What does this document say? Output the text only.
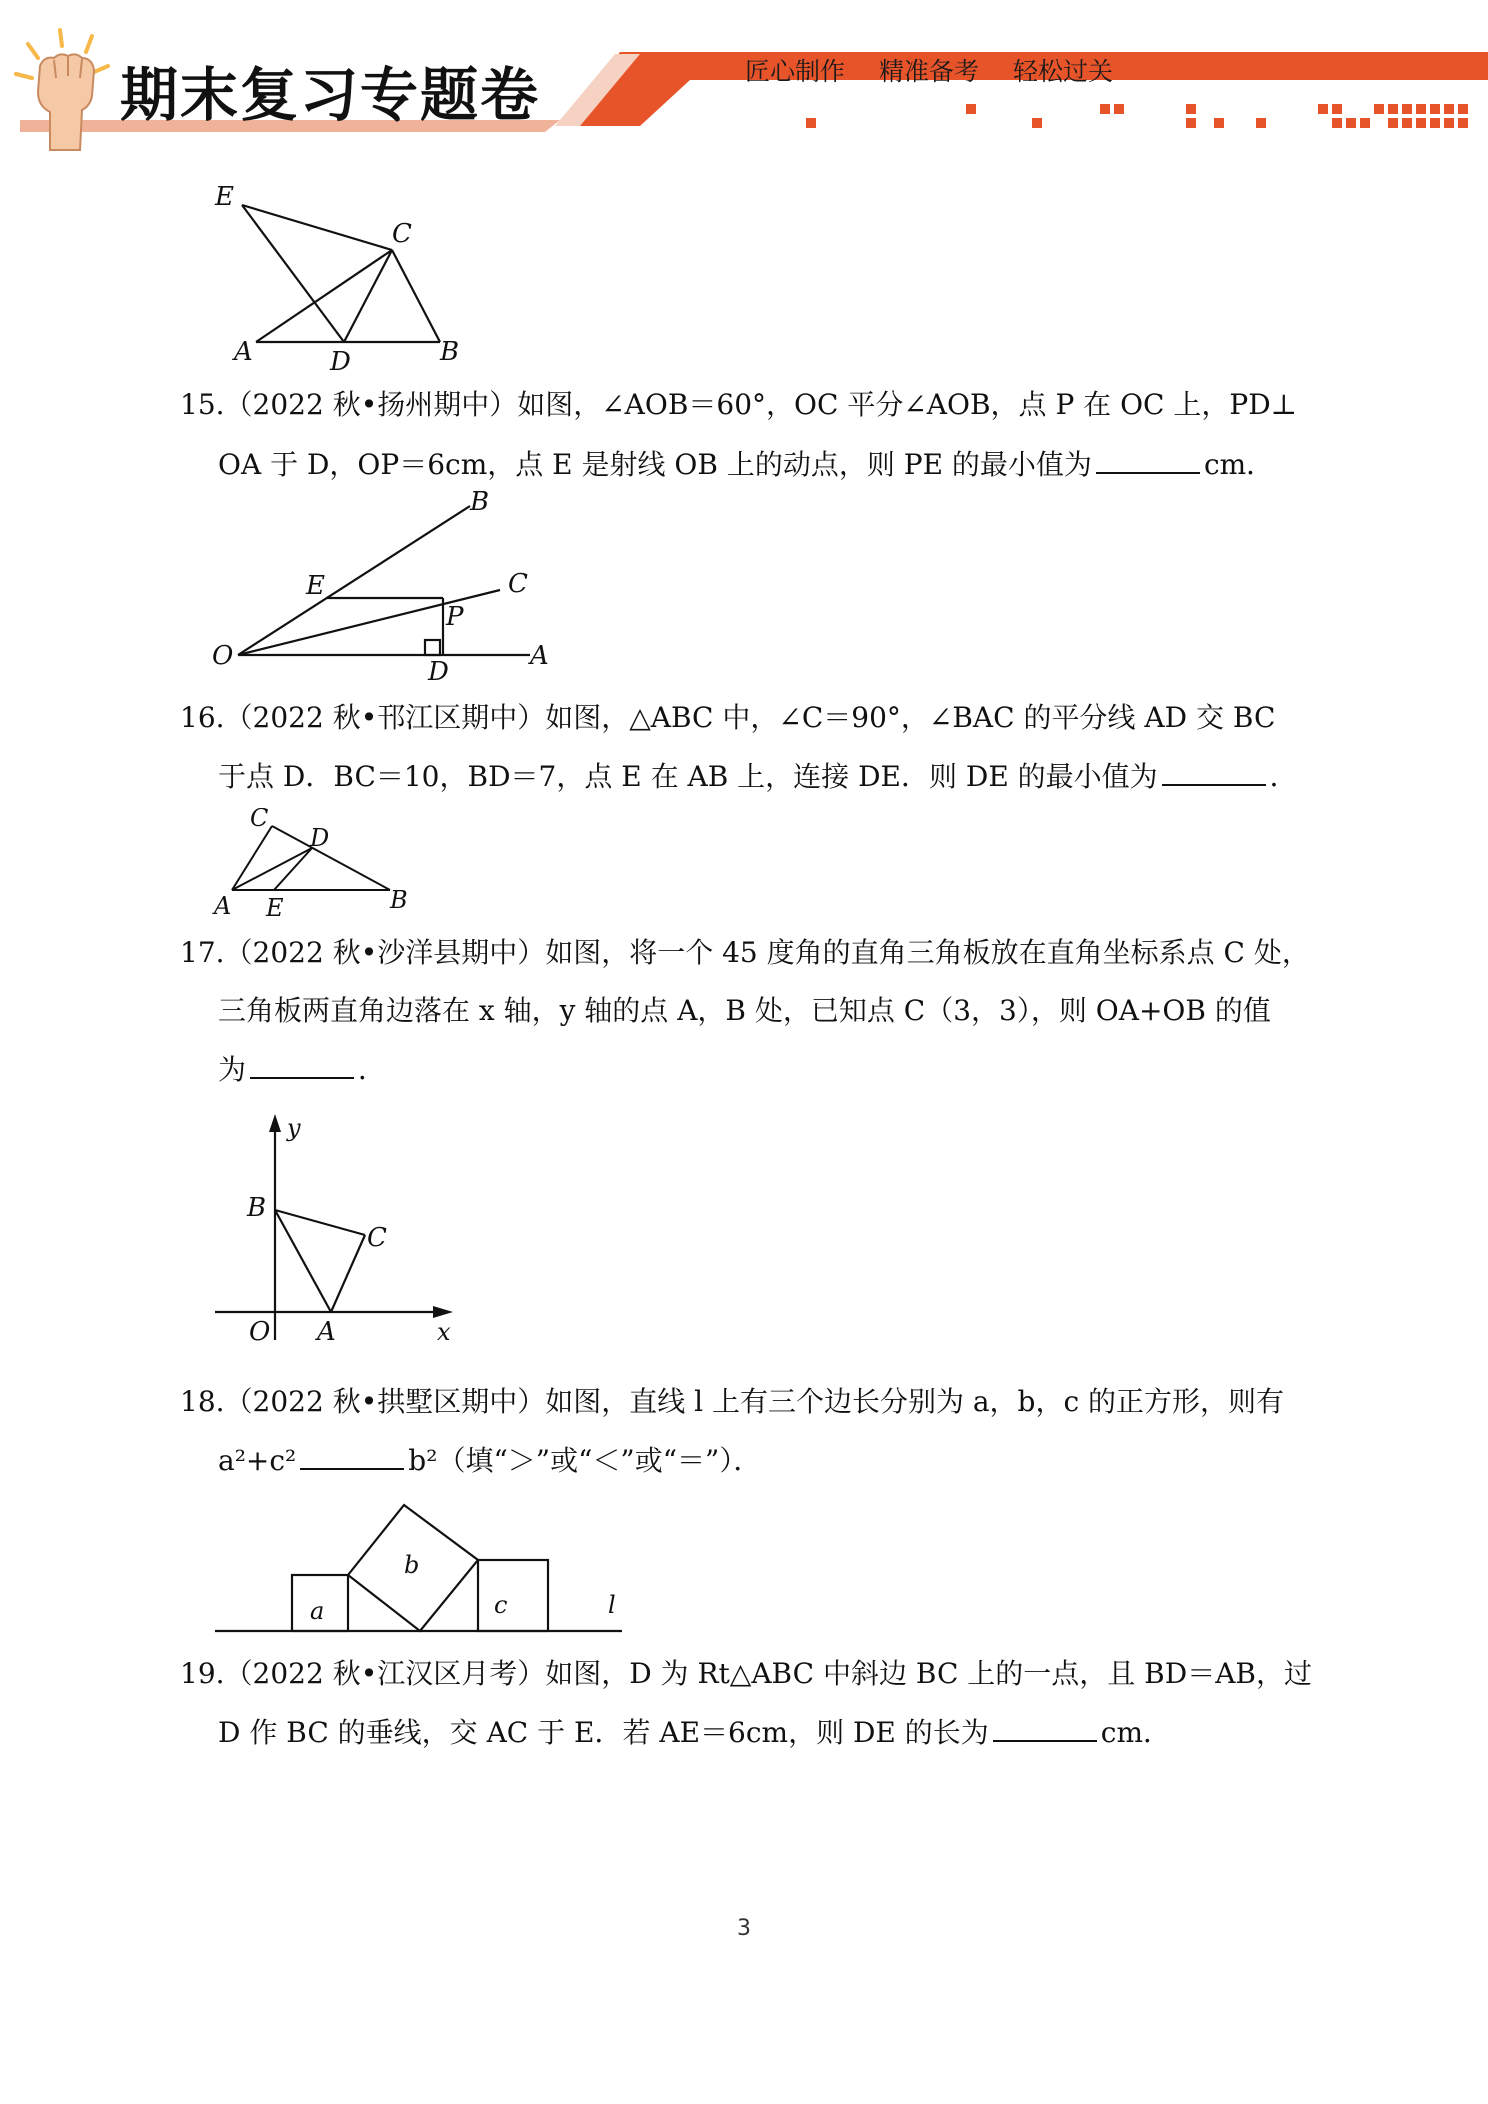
期末复习专题卷	匠心制作 精准备考 轻松过关
E
C
A	D	B
15.（2022 秋•扬州期中）如图，∠AOB＝60°，OC 平分∠AOB，点 P 在 OC 上，PD⊥
OA 于 D，OP＝6cm，点 E 是射线 OB 上的动点，则 PE 的最小值为	cm．
B
E	C
P
O
D
A
16.（2022 秋•邗江区期中）如图，△ABC 中，∠C＝90°，∠BAC 的平分线 AD 交 BC
于点 D．BC＝10，BD＝7，点 E 在 AB 上，连接 DE．则 DE 的最小值为	．
C
D
A E	B
17.（2022 秋•沙洋县期中）如图，将一个 45 度角的直角三角板放在直角坐标系点 C 处，
三角板两直角边落在 x 轴，y 轴的点 A，B 处，已知点 C（3，3），则 OA+OB 的值
为	．
y
B
C
O A	x
18.（2022 秋•拱墅区期中）如图，直线 l 上有三个边长分别为 a，b，c 的正方形，则有
a²+c²	b²（填“＞”或“＜”或“＝”）．
a
b
c	l
19.（2022 秋•江汉区月考）如图，D 为 Rt△ABC 中斜边 BC 上的一点，且 BD＝AB，过
D 作 BC 的垂线，交 AC 于 E．若 AE＝6cm，则 DE 的长为	cm．
3
